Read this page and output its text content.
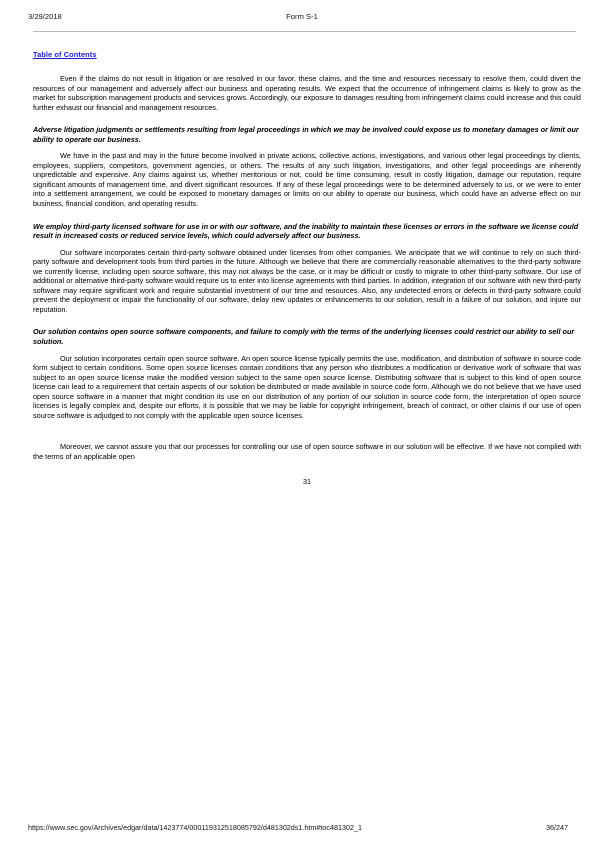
3/29/2018	Form S-1
Table of Contents

Even if the claims do not result in litigation or are resolved in our favor, these claims, and the time and resources necessary to resolve them, could divert the resources of our management and adversely affect our business and operating results. We expect that the occurrence of infringement claims is likely to grow as the market for subscription management products and services grows. Accordingly, our exposure to damages resulting from infringement claims could increase and this could further exhaust our financial and management resources.

Adverse litigation judgments or settlements resulting from legal proceedings in which we may be involved could expose us to monetary damages or limit our ability to operate our business.

We have in the past and may in the future become involved in private actions, collective actions, investigations, and various other legal proceedings by clients, employees, suppliers, competitors, government agencies, or others. The results of any such litigation, investigations, and other legal proceedings are inherently unpredictable and expensive. Any claims against us, whether meritorious or not, could be time consuming, result in costly litigation, damage our reputation, require significant amounts of management time, and divert significant resources. If any of these legal proceedings were to be determined adversely to us, or we were to enter into a settlement arrangement, we could be exposed to monetary damages or limits on our ability to operate our business, which could have an adverse effect on our business, financial condition, and operating results.

We employ third-party licensed software for use in or with our software, and the inability to maintain these licenses or errors in the software we license could result in increased costs or reduced service levels, which could adversely affect our business.

Our software incorporates certain third-party software obtained under licenses from other companies. We anticipate that we will continue to rely on such third-party software and development tools from third parties in the future. Although we believe that there are commercially reasonable alternatives to the third-party software we currently license, including open source software, this may not always be the case, or it may be difficult or costly to migrate to other third-party software. Our use of additional or alternative third-party software would require us to enter into license agreements with third parties. In addition, integration of our software with new third-party software may require significant work and require substantial investment of our time and resources. Also, any undetected errors or defects in third-party software could prevent the deployment or impair the functionality of our software, delay new updates or enhancements to our solution, result in a failure of our solution, and injure our reputation.

Our solution contains open source software components, and failure to comply with the terms of the underlying licenses could restrict our ability to sell our solution.

Our solution incorporates certain open source software. An open source license typically permits the use, modification, and distribution of software in source code form subject to certain conditions. Some open source licenses contain conditions that any person who distributes a modification or derivative work of software that was subject to an open source license make the modified version subject to the same open source license. Distributing software that is subject to this kind of open source license can lead to a requirement that certain aspects of our solution be distributed or made available in source code form. Although we do not believe that we have used open source software in a manner that might condition its use on our distribution of any portion of our solution in source code form, the interpretation of open source licenses is legally complex and, despite our efforts, it is possible that we may be liable for copyright infringement, breach of contract, or other claims if our use of open source software is adjudged to not comply with the applicable open source licenses.

Moreover, we cannot assure you that our processes for controlling our use of open source software in our solution will be effective. If we have not complied with the terms of an applicable open

31
https://www.sec.gov/Archives/edgar/data/1423774/000119312518085792/d481302ds1.htm#toc481302_1	36/247
